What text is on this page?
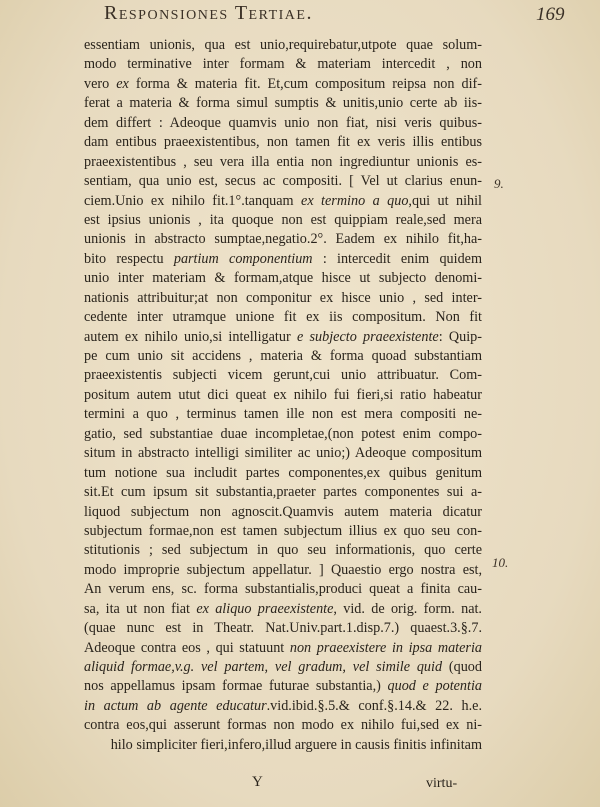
Responsiones Tertiae.	169
essentiam unionis, qua est unio,requirebatur,utpote quae solum-
modo terminative inter formam & materiam intercedit , non
vero ex forma & materia fit. Et,cum compositum reipsa non dif-
ferat a materia & forma simul sumptis & unitis,unio certe ab iis-
dem differt : Adeoque quamvis unio non fiat, nisi veris quibus-
dam entibus praeexistentibus, non tamen fit ex veris illis entibus
praeexistentibus , seu vera illa entia non ingrediuntur unionis es-
sentiam, qua unio est, secus ac compositi. [ Vel ut clarius enun-
ciem.Unio ex nihilo fit.1°.tanquam ex termino a quo,qui ut nihil
est ipsius unionis , ita quoque non est quippiam reale,sed mera
unionis in abstracto sumptae,negatio.2°. Eadem ex nihilo fit,ha-
bito respectu partium componentium : intercedit enim quidem
unio inter materiam & formam,atque hisce ut subjecto denomi-
nationis attribuitur;at non componitur ex hisce unio , sed inter-
cedente inter utramque unione fit ex iis compositum. Non fit
autem ex nihilo unio,si intelligatur e subjecto praeexistente: Quip-
pe cum unio sit accidens , materia & forma quoad substantiam
praeexistentis subjecti vicem gerunt,cui unio attribuatur. Com-
positum autem utut dici queat ex nihilo fui fieri,si ratio habeatur
termini a quo , terminus tamen ille non est mera compositi ne-
gatio, sed substantiae duae incompletae,(non potest enim compo-
situm in abstracto intelligi similiter ac unio;) Adeoque compositum
tum notione sua includit partes componentes,ex quibus genitum
sit.Et cum ipsum sit substantia,praeter partes componentes sui a-
liquod subjectum non agnoscit.Quamvis autem materia dicatur
subjectum formae,non est tamen subjectum illius ex quo seu con-
stitutionis ; sed subjectum in quo seu informationis, quo certe
modo improprie subjectum appellatur. ] Quaestio ergo nostra est,
An verum ens, sc. forma substantialis,produci queat a finita cau-
sa, ita ut non fiat ex aliquo praeexistente, vid. de orig. form. nat.
(quae nunc est in Theatr. Nat.Univ.part.1.disp.7.) quaest.3.§.7.
Adeoque contra eos , qui statuunt non praeexistere in ipsa materia
aliquid formae,v.g. vel partem, vel gradum, vel simile quid (quod
nos appellamus ipsam formae futurae substantia,) quod e potentia
in actum ab agente educatur.vid.ibid.§.5.& conf.§.14.& 22. h.e.
contra eos,qui asserunt formas non modo ex nihilo fui,sed ex ni-
hilo simpliciter fieri,infero,illud arguere in causis finitis infinitam
9.
10.
Y	virtu-
